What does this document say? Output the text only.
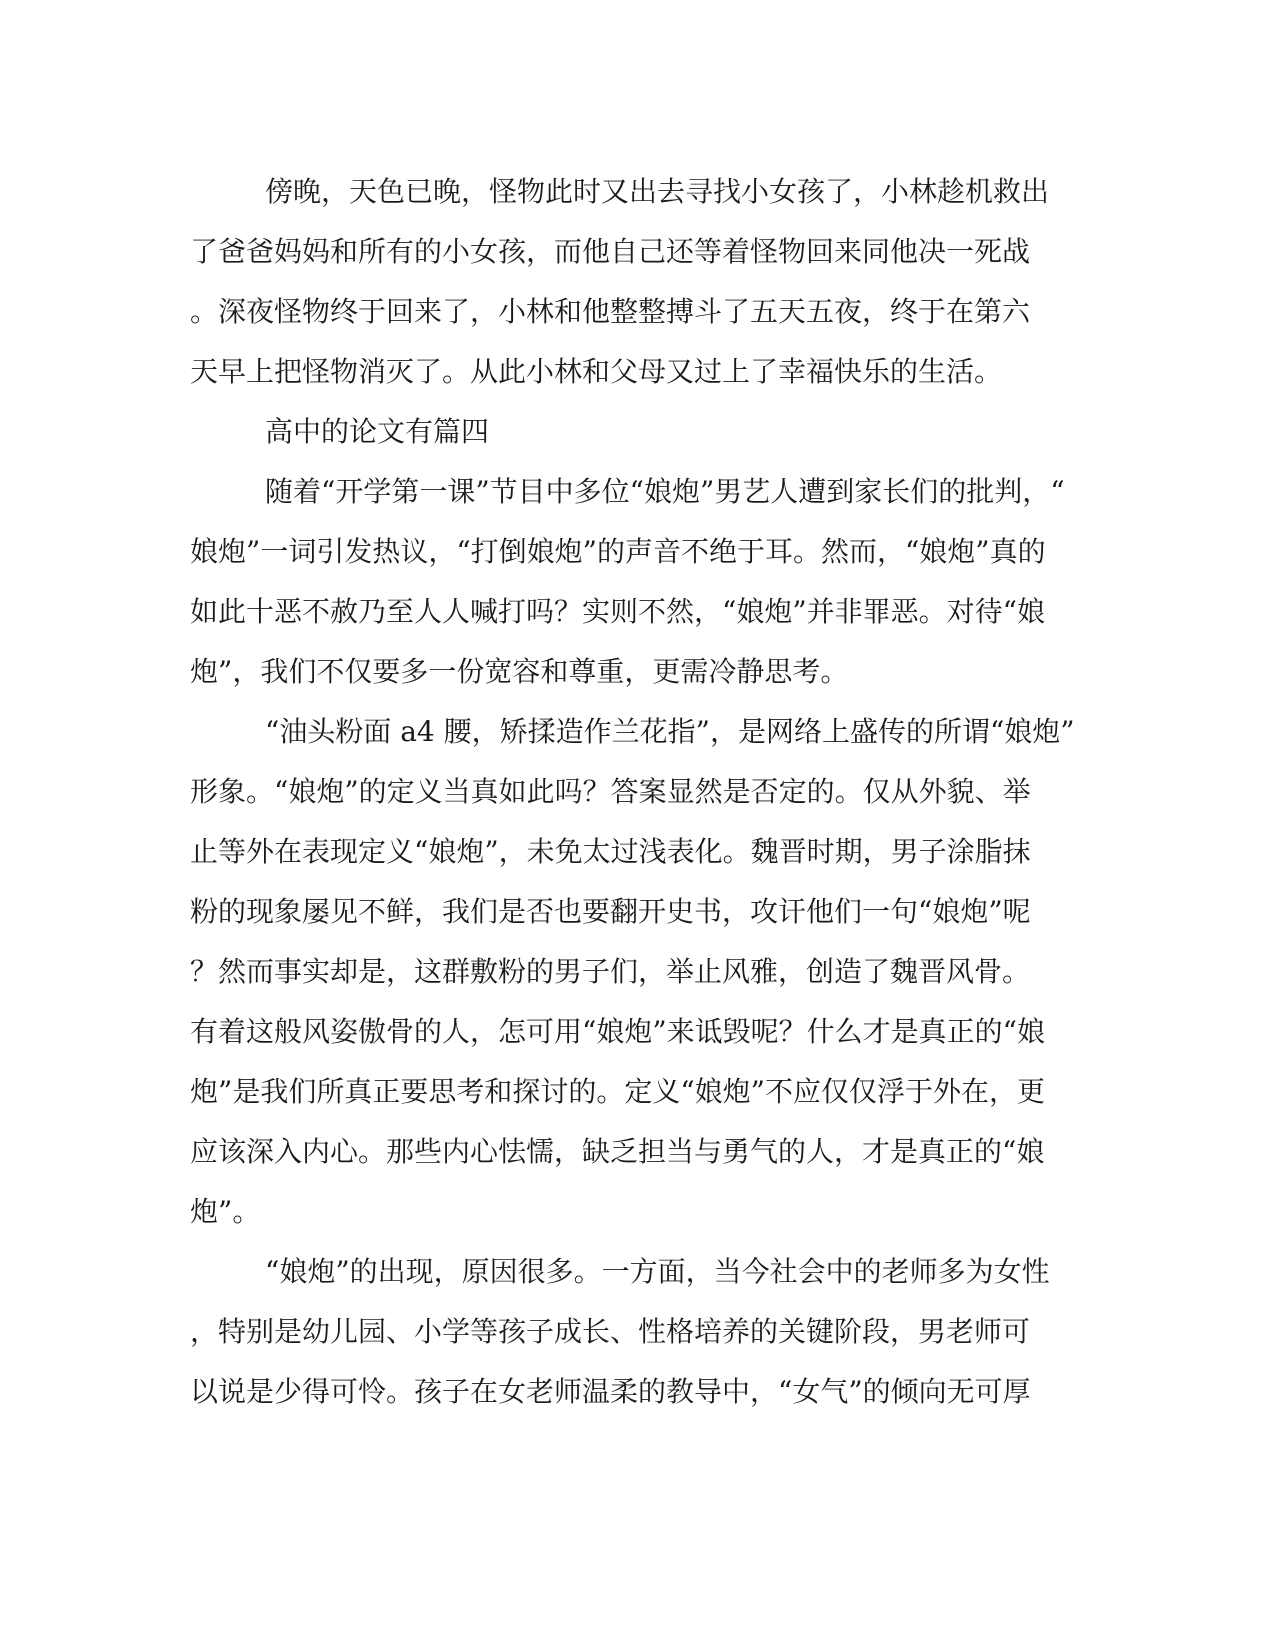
傍晚，天色已晚，怪物此时又出去寻找小女孩了，小林趁机救出
了爸爸妈妈和所有的小女孩，而他自己还等着怪物回来同他决一死战
。深夜怪物终于回来了，小林和他整整搏斗了五天五夜，终于在第六
天早上把怪物消灭了。从此小林和父母又过上了幸福快乐的生活。
高中的论文有篇四
随着“开学第一课”节目中多位“娘炮”男艺人遭到家长们的批判，“
娘炮”一词引发热议，“打倒娘炮”的声音不绝于耳。然而，“娘炮”真的
如此十恶不赦乃至人人喊打吗？实则不然，“娘炮”并非罪恶。对待“娘
炮”，我们不仅要多一份宽容和尊重，更需冷静思考。
“油头粉面 a4 腰，矫揉造作兰花指”，是网络上盛传的所谓“娘炮”
形象。“娘炮”的定义当真如此吗？答案显然是否定的。仅从外貌、举
止等外在表现定义“娘炮”，未免太过浅表化。魏晋时期，男子涂脂抹
粉的现象屡见不鲜，我们是否也要翻开史书，攻讦他们一句“娘炮”呢
？然而事实却是，这群敷粉的男子们，举止风雅，创造了魏晋风骨。
有着这般风姿傲骨的人，怎可用“娘炮”来诋毁呢？什么才是真正的“娘
炮”是我们所真正要思考和探讨的。定义“娘炮”不应仅仅浮于外在，更
应该深入内心。那些内心怯懦，缺乏担当与勇气的人，才是真正的“娘
炮”。
“娘炮”的出现，原因很多。一方面，当今社会中的老师多为女性
，特别是幼儿园、小学等孩子成长、性格培养的关键阶段，男老师可
以说是少得可怜。孩子在女老师温柔的教导中，“女气”的倾向无可厚
